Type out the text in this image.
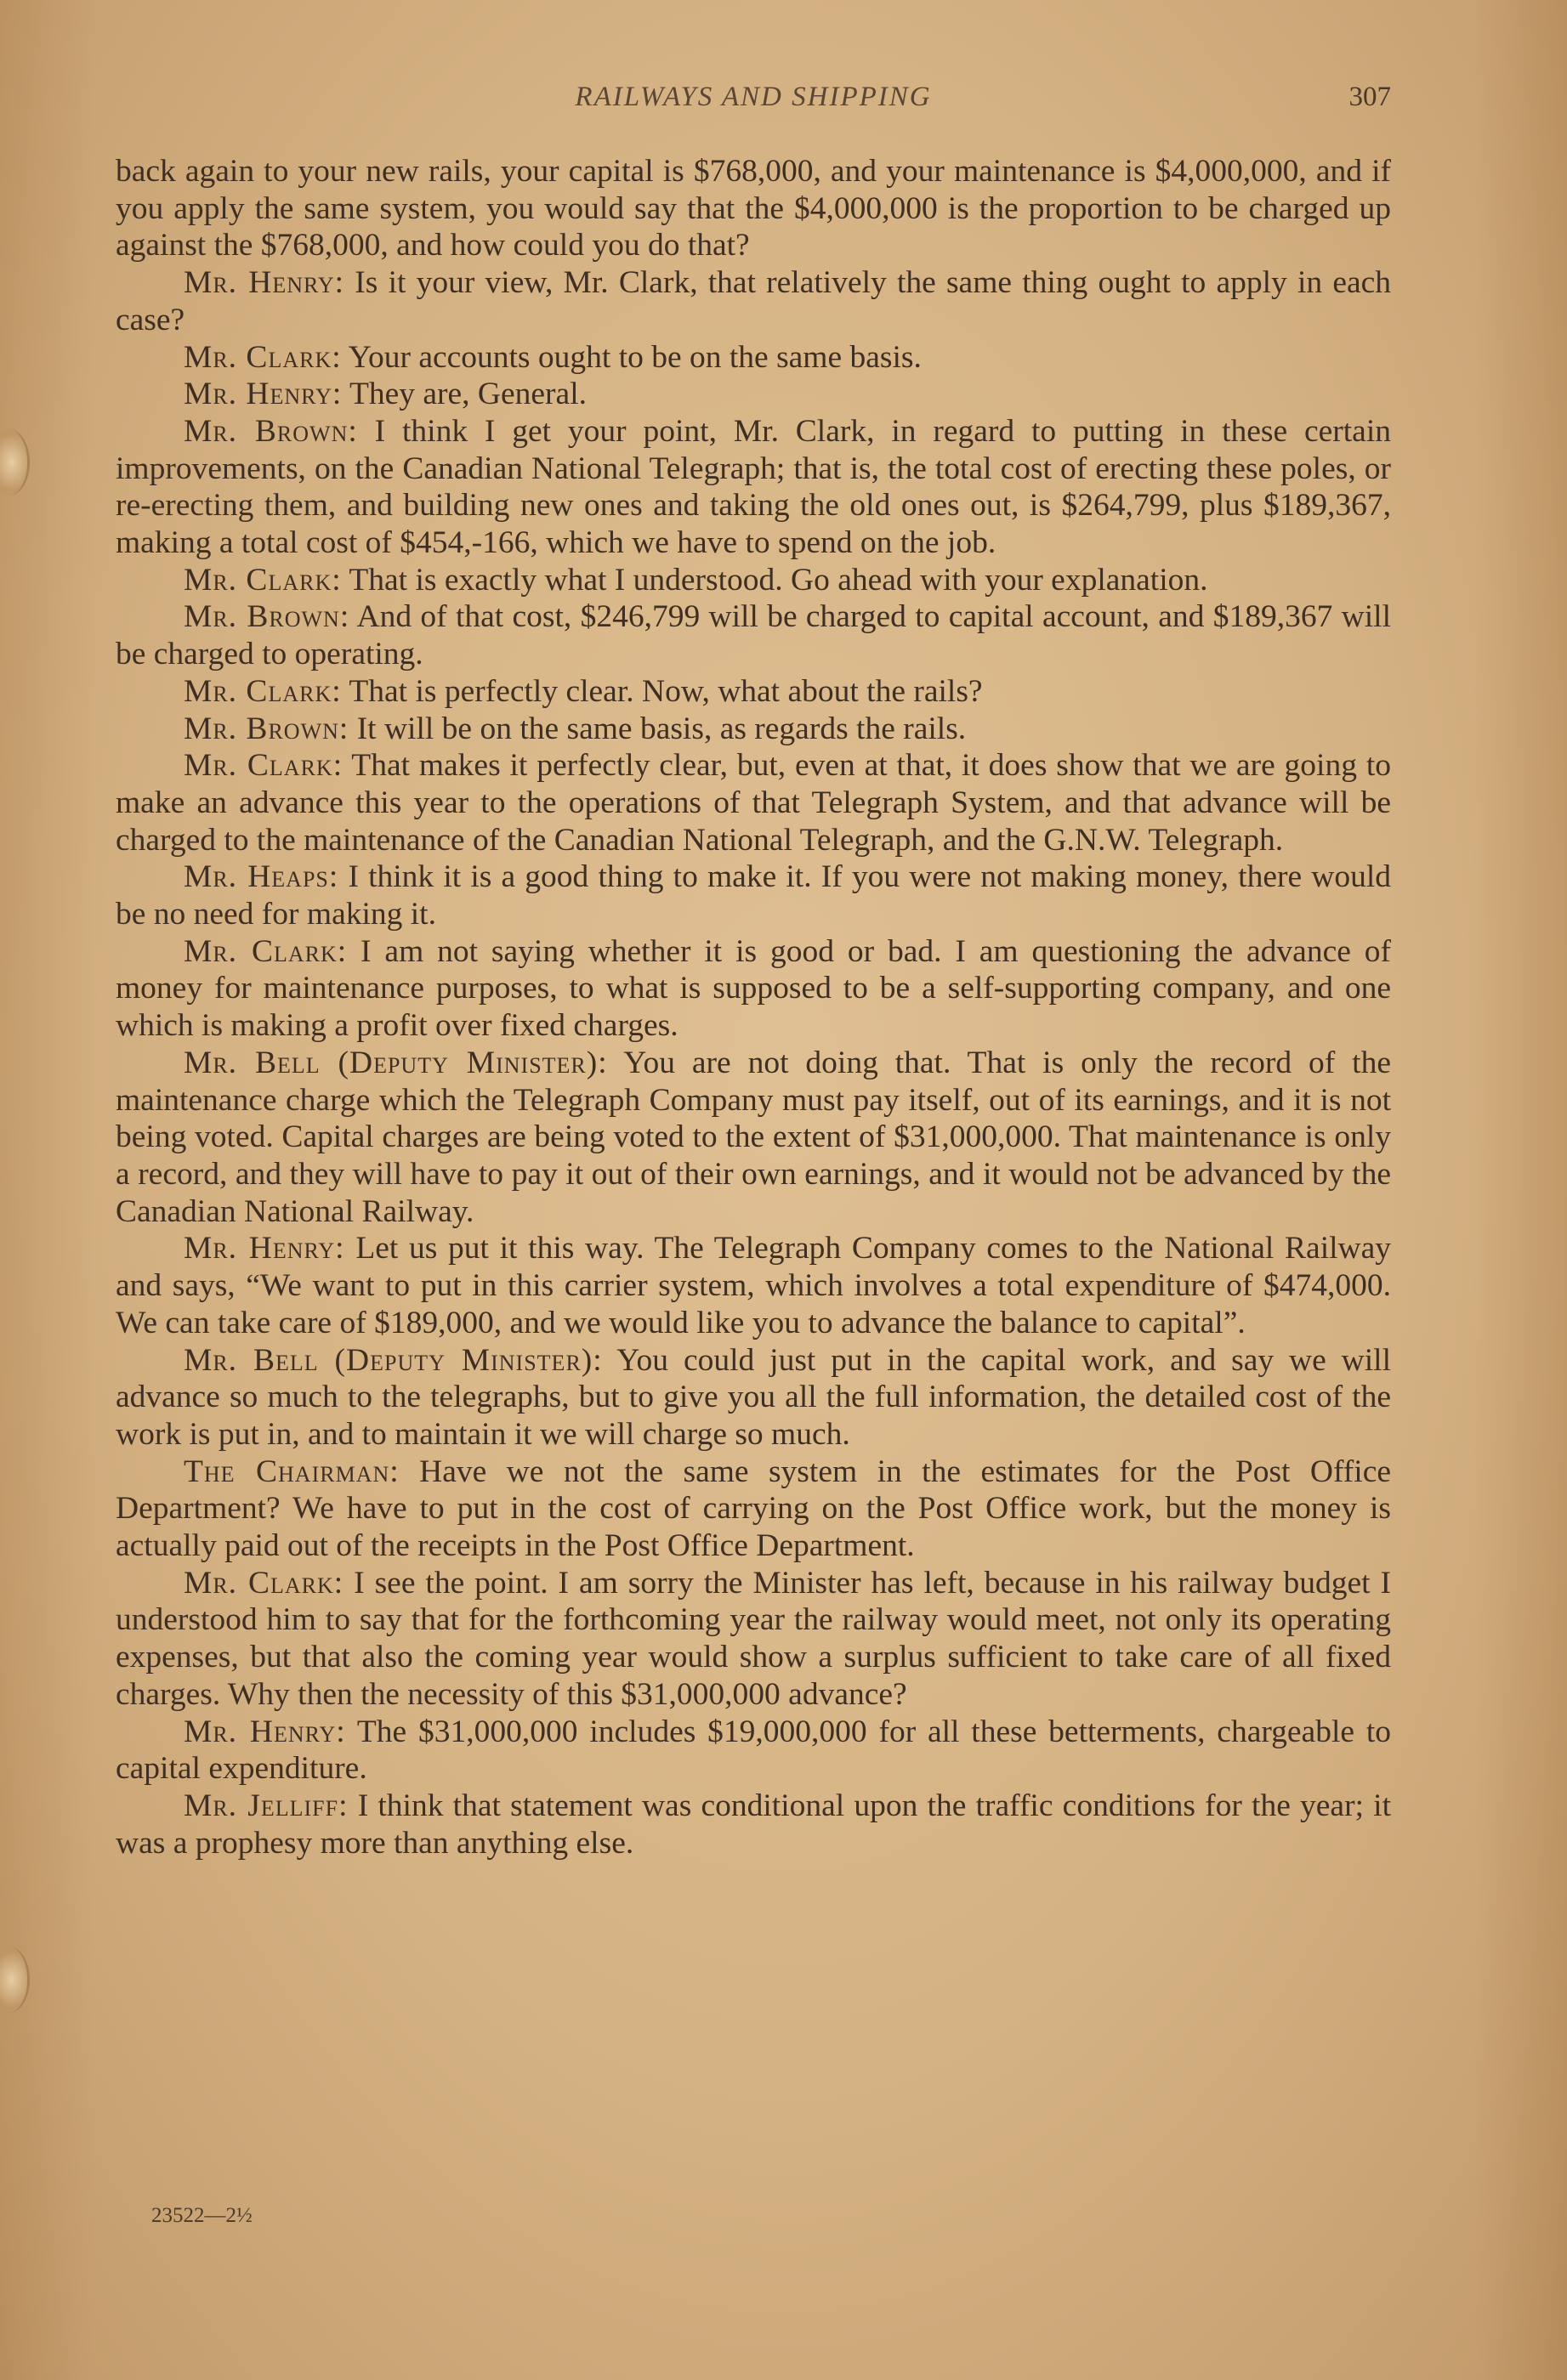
RAILWAYS AND SHIPPING	307

back again to your new rails, your capital is $768,000, and your maintenance is $4,000,000, and if you apply the same system, you would say that the $4,000,000 is the proportion to be charged up against the $768,000, and how could you do that?

Mr. Henry: Is it your view, Mr. Clark, that relatively the same thing ought to apply in each case?

Mr. Clark: Your accounts ought to be on the same basis.

Mr. Henry: They are, General.

Mr. Brown: I think I get your point, Mr. Clark, in regard to putting in these certain improvements, on the Canadian National Telegraph; that is, the total cost of erecting these poles, or re-erecting them, and building new ones and taking the old ones out, is $264,799, plus $189,367, making a total cost of $454,-166, which we have to spend on the job.

Mr. Clark: That is exactly what I understood. Go ahead with your explanation.

Mr. Brown: And of that cost, $246,799 will be charged to capital account, and $189,367 will be charged to operating.

Mr. Clark: That is perfectly clear. Now, what about the rails?

Mr. Brown: It will be on the same basis, as regards the rails.

Mr. Clark: That makes it perfectly clear, but, even at that, it does show that we are going to make an advance this year to the operations of that Telegraph System, and that advance will be charged to the maintenance of the Canadian National Telegraph, and the G.N.W. Telegraph.

Mr. Heaps: I think it is a good thing to make it. If you were not making money, there would be no need for making it.

Mr. Clark: I am not saying whether it is good or bad. I am questioning the advance of money for maintenance purposes, to what is supposed to be a self-supporting company, and one which is making a profit over fixed charges.

Mr. Bell (Deputy Minister): You are not doing that. That is only the record of the maintenance charge which the Telegraph Company must pay itself, out of its earnings, and it is not being voted. Capital charges are being voted to the extent of $31,000,000. That maintenance is only a record, and they will have to pay it out of their own earnings, and it would not be advanced by the Canadian National Railway.

Mr. Henry: Let us put it this way. The Telegraph Company comes to the National Railway and says, “We want to put in this carrier system, which involves a total expenditure of $474,000. We can take care of $189,000, and we would like you to advance the balance to capital”.

Mr. Bell (Deputy Minister): You could just put in the capital work, and say we will advance so much to the telegraphs, but to give you all the full information, the detailed cost of the work is put in, and to maintain it we will charge so much.

The Chairman: Have we not the same system in the estimates for the Post Office Department? We have to put in the cost of carrying on the Post Office work, but the money is actually paid out of the receipts in the Post Office Department.

Mr. Clark: I see the point. I am sorry the Minister has left, because in his railway budget I understood him to say that for the forthcoming year the railway would meet, not only its operating expenses, but that also the coming year would show a surplus sufficient to take care of all fixed charges. Why then the necessity of this $31,000,000 advance?

Mr. Henry: The $31,000,000 includes $19,000,000 for all these betterments, chargeable to capital expenditure.

Mr. Jelliff: I think that statement was conditional upon the traffic conditions for the year; it was a prophesy more than anything else.

23522—2½
